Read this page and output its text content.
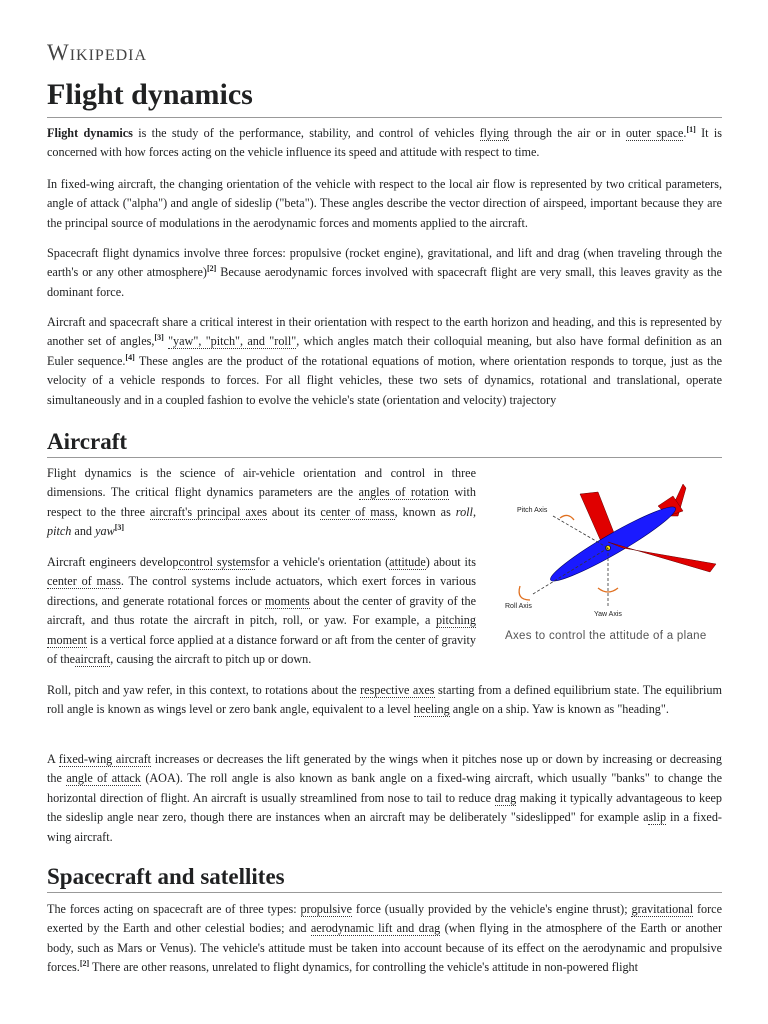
Wikipedia
Flight dynamics

Flight dynamics is the study of the performance, stability, and control of vehicles flying through the air or in outer space.[1] It is concerned with how forces acting on the vehicle influence its speed and attitude with respect to time.

In fixed-wing aircraft, the changing orientation of the vehicle with respect to the local air flow is represented by two critical parameters, angle of attack ("alpha") and angle of sideslip ("beta"). These angles describe the vector direction of airspeed, important because they are the principal source of modulations in the aerodynamic forces and moments applied to the aircraft.

Spacecraft flight dynamics involve three forces: propulsive (rocket engine), gravitational, and lift and drag (when traveling through the earth's or any other atmosphere)[2] Because aerodynamic forces involved with spacecraft flight are very small, this leaves gravity as the dominant force.

Aircraft and spacecraft share a critical interest in their orientation with respect to the earth horizon and heading, and this is represented by another set of angles,[3] "yaw", "pitch", and "roll", which angles match their colloquial meaning, but also have formal definition as an Euler sequence.[4] These angles are the product of the rotational equations of motion, where orientation responds to torque, just as the velocity of a vehicle responds to forces. For all flight vehicles, these two sets of dynamics, rotational and translational, operate simultaneously and in a coupled fashion to evolve the vehicle's state (orientation and velocity) trajectory

Aircraft

Flight dynamics is the science of air-vehicle orientation and control in three dimensions. The critical flight dynamics parameters are the angles of rotation with respect to the three aircraft's principal axes about its center of mass, known as roll, pitch and yaw[3]

Aircraft engineers developcontrol systemsfor a vehicle's orientation (attitude) about its center of mass. The control systems include actuators, which exert forces in various directions, and generate rotational forces or moments about the center of gravity of the aircraft, and thus rotate the aircraft in pitch, roll, or yaw. For example, a pitching moment is a vertical force applied at a distance forward or aft from the center of gravity of theaircraft, causing the aircraft to pitch up or down.

Pitch Axis
Roll Axis
Yaw Axis
Axes to control the attitude of a plane

Roll, pitch and yaw refer, in this context, to rotations about the respective axes starting from a defined equilibrium state. The equilibrium roll angle is known as wings level or zero bank angle, equivalent to a level heeling angle on a ship. Yaw is known as "heading".

A fixed-wing aircraft increases or decreases the lift generated by the wings when it pitches nose up or down by increasing or decreasing the angle of attack (AOA). The roll angle is also known as bank angle on a fixed-wing aircraft, which usually "banks" to change the horizontal direction of flight. An aircraft is usually streamlined from nose to tail to reduce drag making it typically advantageous to keep the sideslip angle near zero, though there are instances when an aircraft may be deliberately "sideslipped" for example aslip in a fixed-wing aircraft.

Spacecraft and satellites

The forces acting on spacecraft are of three types: propulsive force (usually provided by the vehicle's engine thrust); gravitational force exerted by the Earth and other celestial bodies; and aerodynamic lift and drag (when flying in the atmosphere of the Earth or another body, such as Mars or Venus). The vehicle's attitude must be taken into account because of its effect on the aerodynamic and propulsive forces.[2] There are other reasons, unrelated to flight dynamics, for controlling the vehicle's attitude in non-powered flight
